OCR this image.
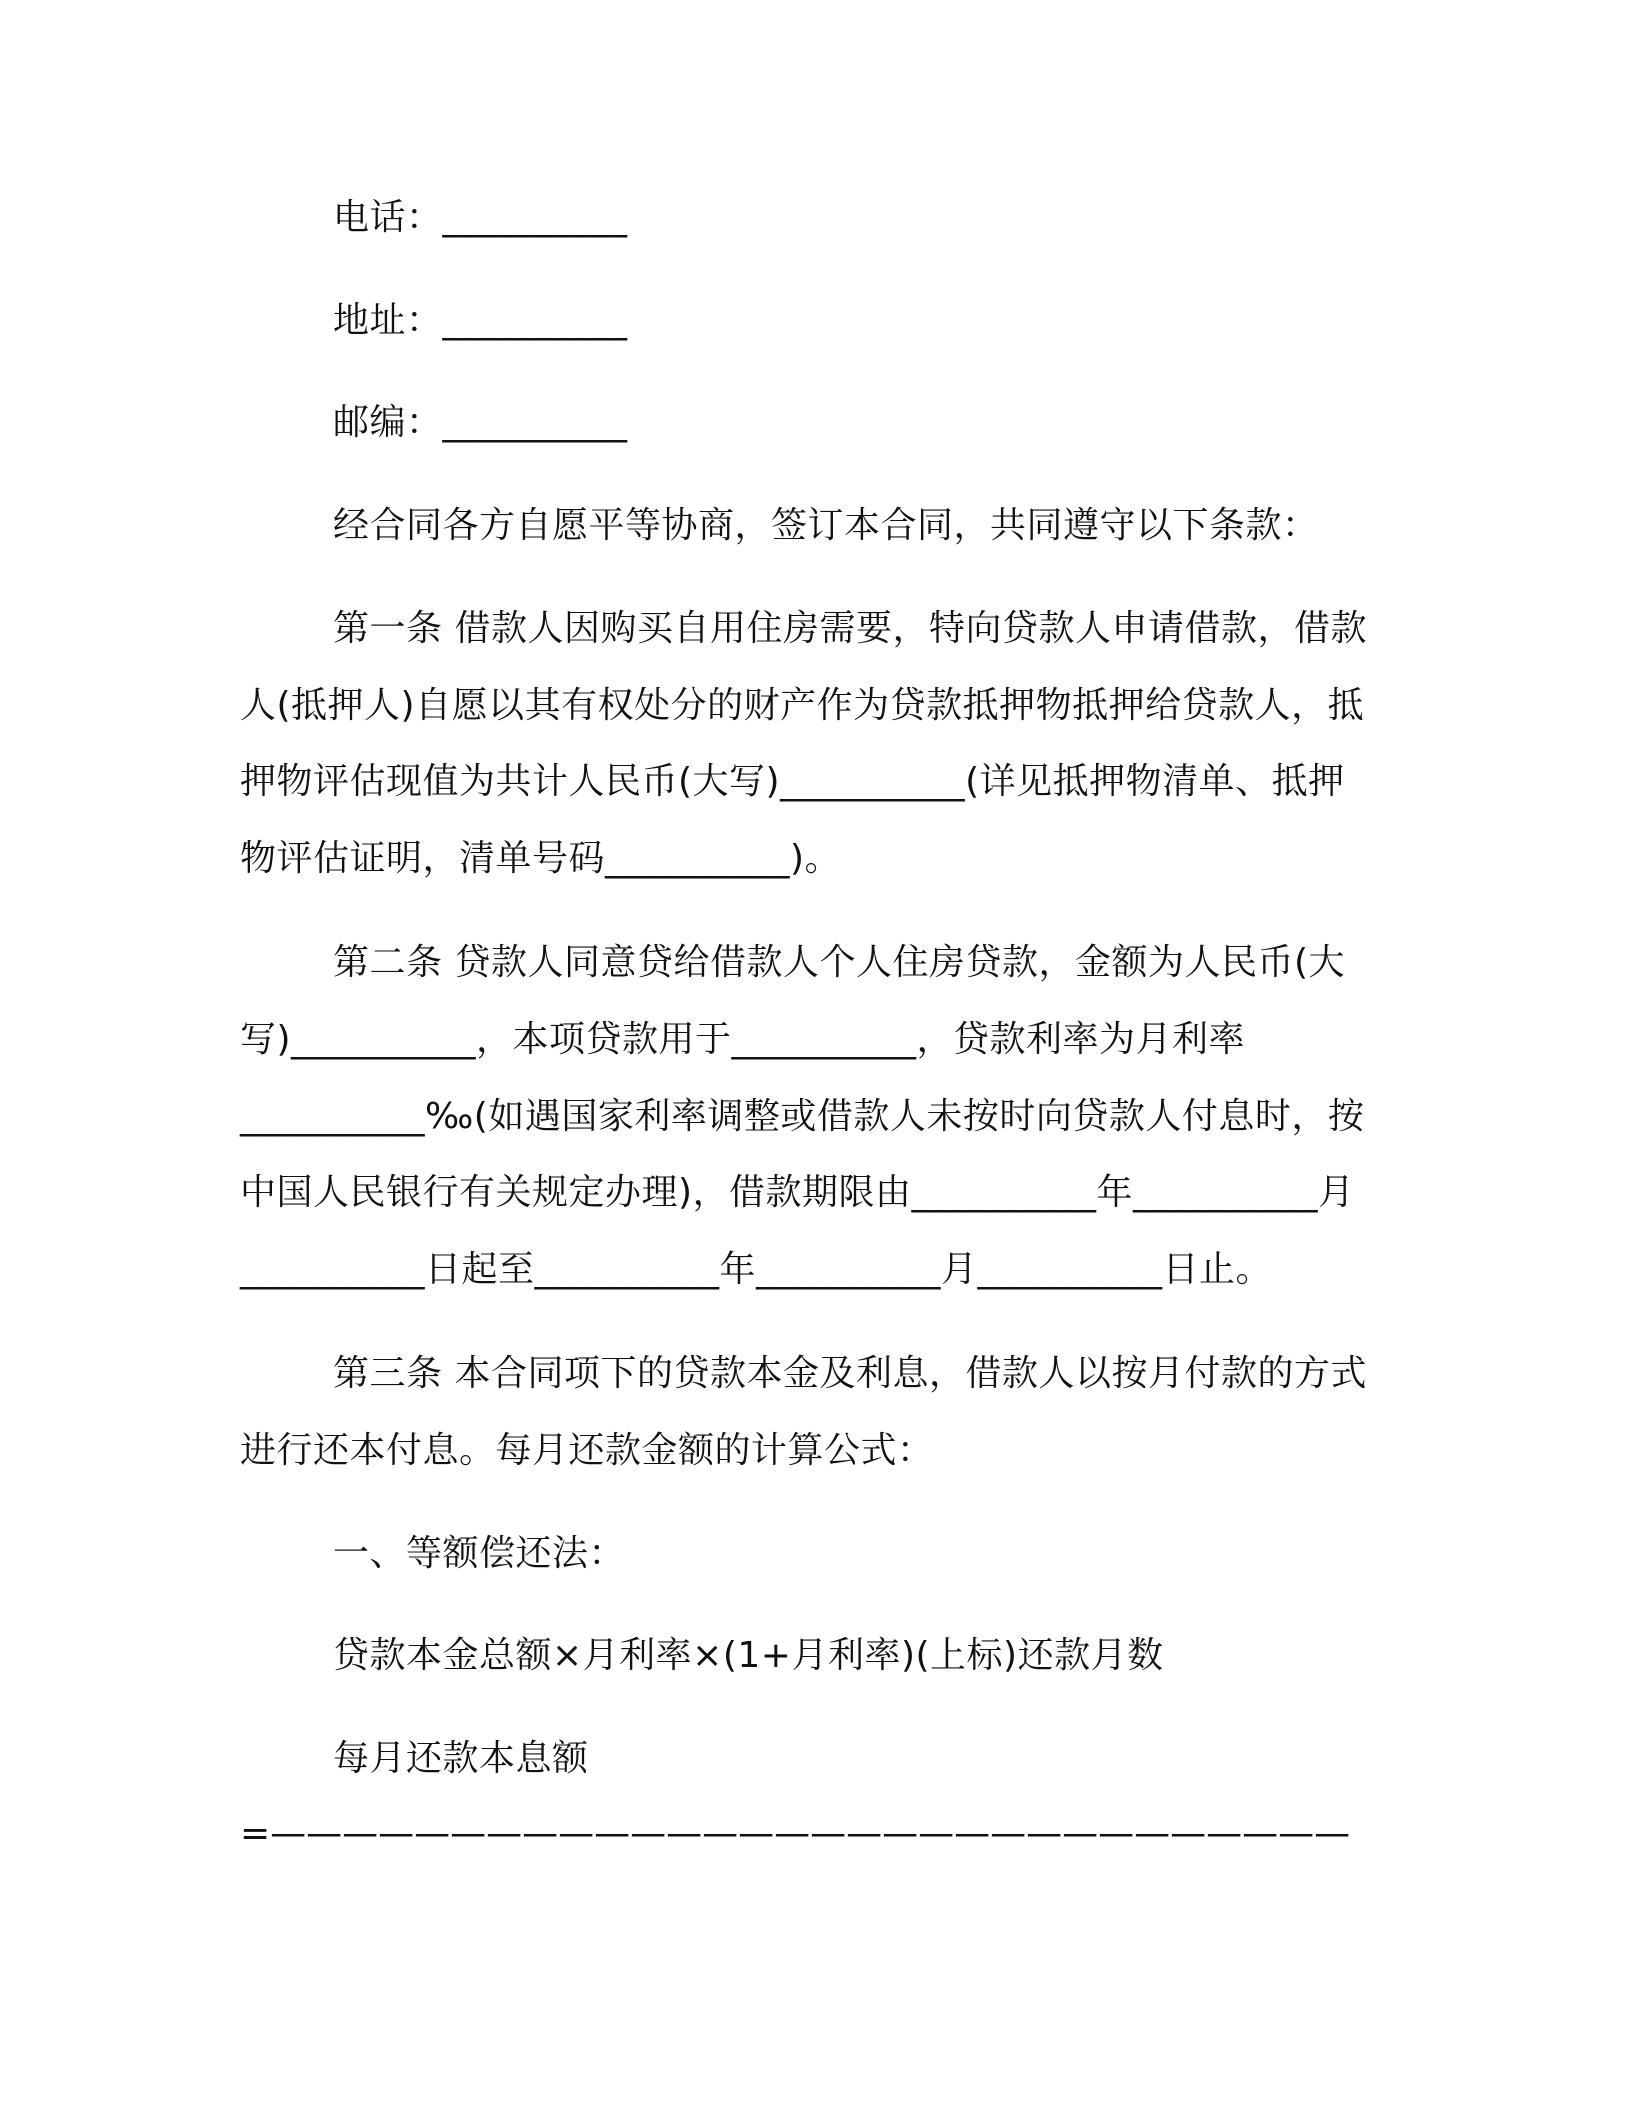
电话：__________
地址：__________
邮编：__________
经合同各方自愿平等协商，签订本合同，共同遵守以下条款：
第一条 借款人因购买自用住房需要，特向贷款人申请借款，借款
人(抵押人)自愿以其有权处分的财产作为贷款抵押物抵押给贷款人，抵
押物评估现值为共计人民币(大写)__________(详见抵押物清单、抵押
物评估证明，清单号码__________)。
第二条 贷款人同意贷给借款人个人住房贷款，金额为人民币(大
写)__________，本项贷款用于__________，贷款利率为月利率
__________‰(如遇国家利率调整或借款人未按时向贷款人付息时，按
中国人民银行有关规定办理)，借款期限由__________年__________月
__________日起至__________年__________月__________日止。
第三条 本合同项下的贷款本金及利息，借款人以按月付款的方式
进行还本付息。每月还款金额的计算公式：
一、等额偿还法：
贷款本金总额×月利率×(1+月利率)(上标)还款月数
每月还款本息额
=——————————————————————————————
